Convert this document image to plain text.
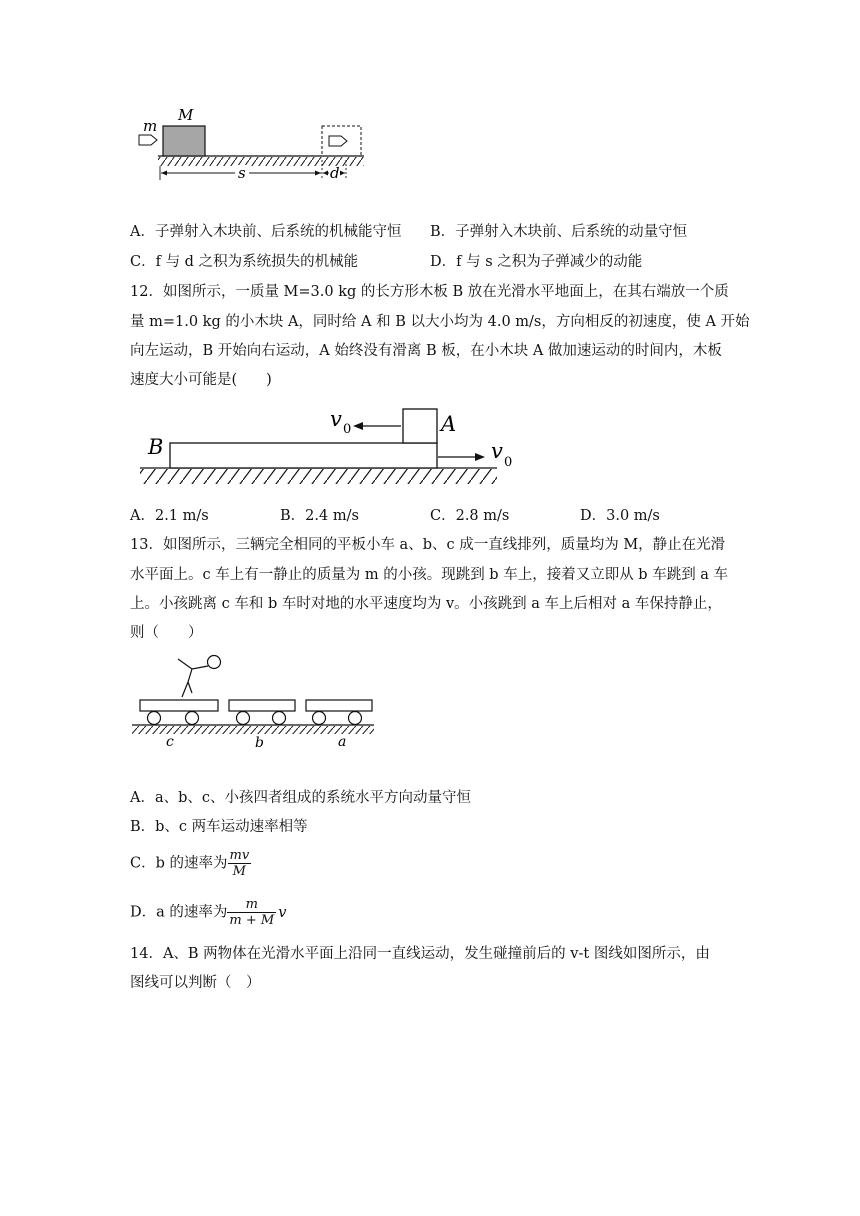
M
m
s	d
A．子弹射入木块前、后系统的机械能守恒 B．子弹射入木块前、后系统的动量守恒
C．f 与 d 之积为系统损失的机械能	D．f 与 s 之积为子弹减少的动能
12．如图所示，一质量 M=3.0 kg 的长方形木板 B 放在光滑水平地面上，在其右端放一个质
量 m=1.0 kg 的小木块 A，同时给 A 和 B 以大小均为 4.0 m/s，方向相反的初速度，使 A 开始
向左运动，B 开始向右运动，A 始终没有滑离 B 板，在小木块 A 做加速运动的时间内，木板
速度大小可能是(　　)
B
A
v 0
v 0
A．2.1 m/s	B．2.4 m/s	C．2.8 m/s	D．3.0 m/s
13．如图所示，三辆完全相同的平板小车 a、b、c 成一直线排列，质量均为 M，静止在光滑
水平面上。c 车上有一静止的质量为 m 的小孩。现跳到 b 车上，接着又立即从 b 车跳到 a 车
上。小孩跳离 c 车和 b 车时对地的水平速度均为 v。小孩跳到 a 车上后相对 a 车保持静止，
则（　　）
c	b	a
A．a、b、c、小孩四者组成的系统水平方向动量守恒
B．b、c 两车运动速率相等
C．b 的速率为 $\frac{mv}{M}$
D．a 的速率为 $\frac{m}{m + M}$ v
14．A、B 两物体在光滑水平面上沿同一直线运动，发生碰撞前后的 v-t 图线如图所示，由
图线可以判断（　）
